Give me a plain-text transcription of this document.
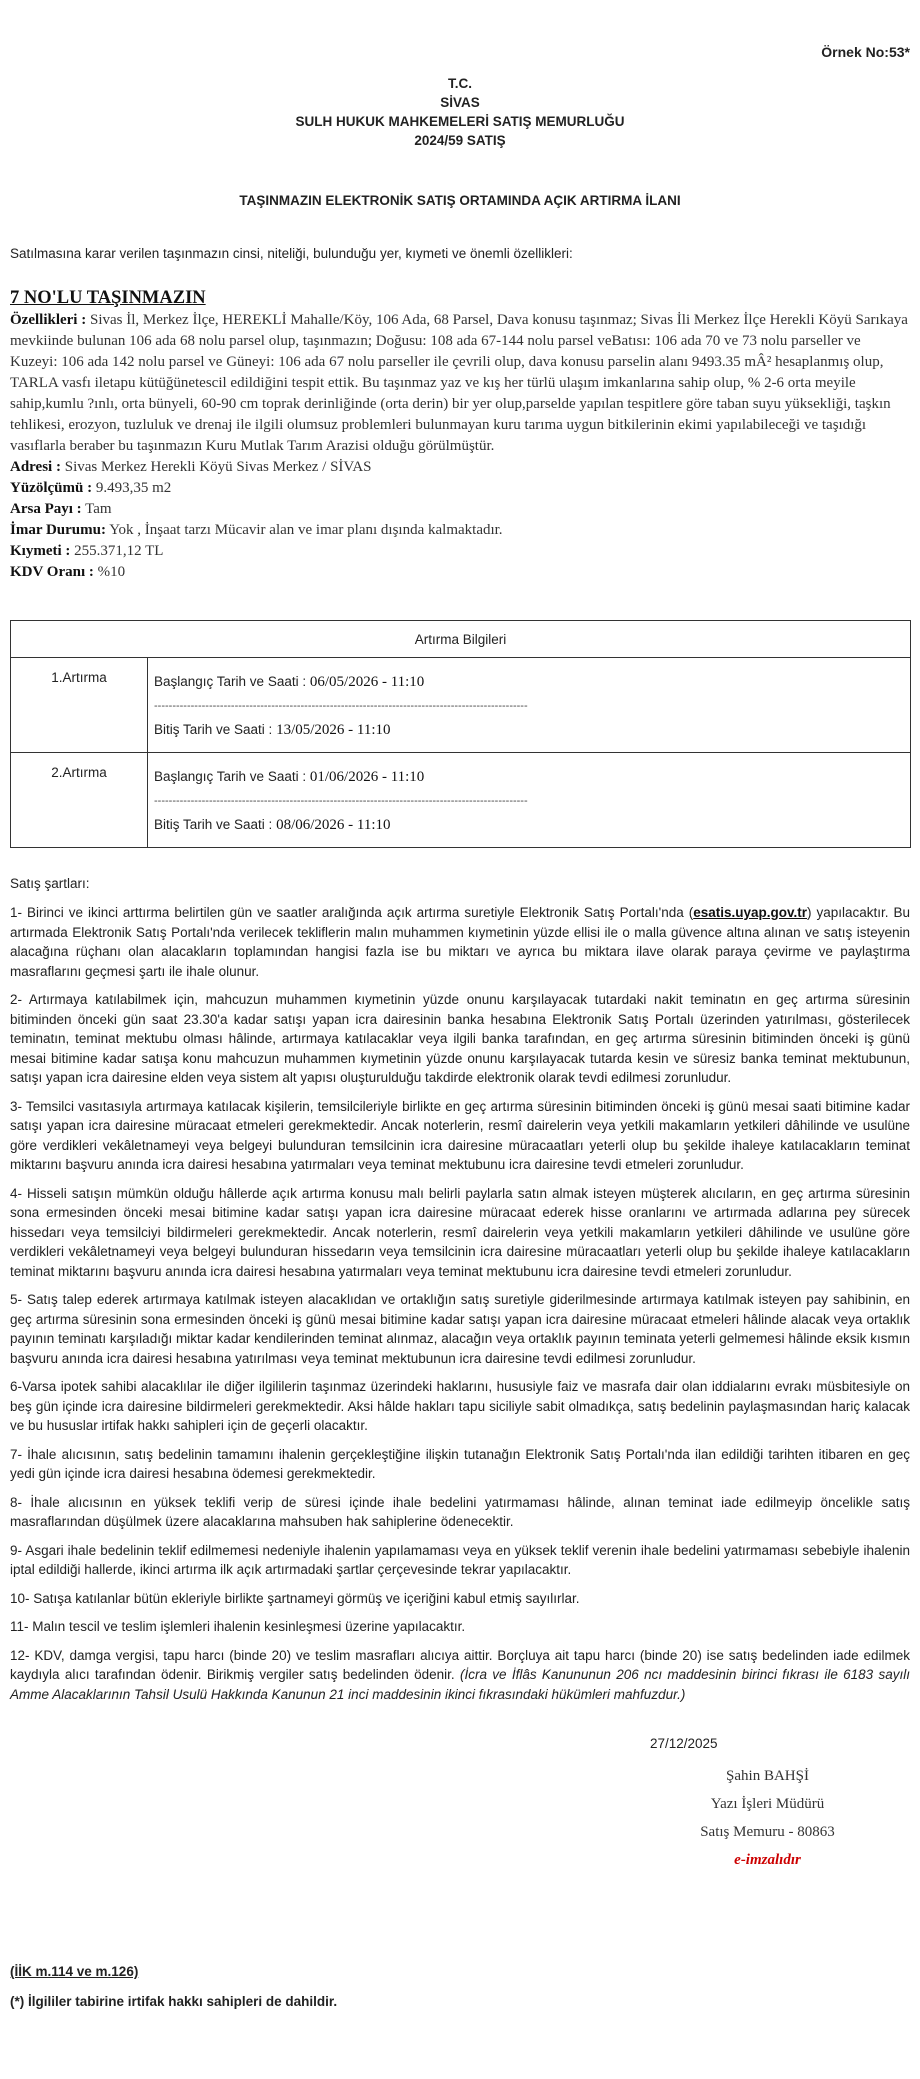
Örnek No:53*
T.C.
SİVAS
SULH HUKUK MAHKEMELERİ SATIŞ MEMURLUĞU
2024/59 SATIŞ
TAŞINMAZIN ELEKTRONİK SATIŞ ORTAMINDA AÇIK ARTIRMA İLANI
Satılmasına karar verilen taşınmazın cinsi, niteliği, bulunduğu yer, kıymeti ve önemli özellikleri:
7 NO'LU TAŞINMAZIN

Özellikleri : Sivas İl, Merkez İlçe, HEREKLİ Mahalle/Köy, 106 Ada, 68 Parsel, Dava konusu taşınmaz; Sivas İli Merkez İlçe Herekli Köyü Sarıkaya mevkiinde bulunan 106 ada 68 nolu parsel olup, taşınmazın; Doğusu: 108 ada 67-144 nolu parsel veBatısı: 106 ada 70 ve 73 nolu parseller ve Kuzeyi: 106 ada 142 nolu parsel ve Güneyi: 106 ada 67 nolu parseller ile çevrili olup, dava konusu parselin alanı 9493.35 mÂ² hesaplanmış olup, TARLA vasfı iletapu kütüğünetescil edildiğini tespit ettik. Bu taşınmaz yaz ve kış her türlü ulaşım imkanlarına sahip olup, % 2-6 orta meyile sahip,kumlu ?ınlı, orta bünyeli, 60-90 cm toprak derinliğinde (orta derin) bir yer olup,parselde yapılan tespitlere göre taban suyu yüksekliği, taşkın tehlikesi, erozyon, tuzluluk ve drenaj ile ilgili olumsuz problemleri bulunmayan kuru tarıma uygun bitkilerinin ekimi yapılabileceği ve taşıdığı vasıflarla beraber bu taşınmazın Kuru Mutlak Tarım Arazisi olduğu görülmüştür.

Adresi : Sivas Merkez Herekli Köyü Sivas Merkez / SİVAS

Yüzölçümü : 9.493,35 m2

Arsa Payı : Tam

İmar Durumu: Yok , İnşaat tarzı Mücavir alan ve imar planı dışında kalmaktadır.

Kıymeti : 255.371,12 TL

KDV Oranı : %10

Artırma Bilgileri	
1.Artırma	Başlangıç Tarih ve Saati : 06/05/2026 - 11:10
------------------------------------------------------------------------------------------------------
Bitiş Tarih ve Saati : 13/05/2026 - 11:10

2.Artırma	Başlangıç Tarih ve Saati : 01/06/2026 - 11:10
------------------------------------------------------------------------------------------------------
Bitiş Tarih ve Saati : 08/06/2026 - 11:10
Satış şartları:

1- Birinci ve ikinci arttırma belirtilen gün ve saatler aralığında açık artırma suretiyle Elektronik Satış Portalı'nda (esatis.uyap.gov.tr) yapılacaktır. Bu artırmada Elektronik Satış Portalı'nda verilecek tekliflerin malın muhammen kıymetinin yüzde ellisi ile o malla güvence altına alınan ve satış isteyenin alacağına rüçhanı olan alacakların toplamından hangisi fazla ise bu miktarı ve ayrıca bu miktara ilave olarak paraya çevirme ve paylaştırma masraflarını geçmesi şartı ile ihale olunur.

2- Artırmaya katılabilmek için, mahcuzun muhammen kıymetinin yüzde onunu karşılayacak tutardaki nakit teminatın en geç artırma süresinin bitiminden önceki gün saat 23.30'a kadar satışı yapan icra dairesinin banka hesabına Elektronik Satış Portalı üzerinden yatırılması, gösterilecek teminatın, teminat mektubu olması hâlinde, artırmaya katılacaklar veya ilgili banka tarafından, en geç artırma süresinin bitiminden önceki iş günü mesai bitimine kadar satışa konu mahcuzun muhammen kıymetinin yüzde onunu karşılayacak tutarda kesin ve süresiz banka teminat mektubunun, satışı yapan icra dairesine elden veya sistem alt yapısı oluşturulduğu takdirde elektronik olarak tevdi edilmesi zorunludur.

3- Temsilci vasıtasıyla artırmaya katılacak kişilerin, temsilcileriyle birlikte en geç artırma süresinin bitiminden önceki iş günü mesai saati bitimine kadar satışı yapan icra dairesine müracaat etmeleri gerekmektedir. Ancak noterlerin, resmî dairelerin veya yetkili makamların yetkileri dâhilinde ve usulüne göre verdikleri vekâletnameyi veya belgeyi bulunduran temsilcinin icra dairesine müracaatları yeterli olup bu şekilde ihaleye katılacakların teminat miktarını başvuru anında icra dairesi hesabına yatırmaları veya teminat mektubunu icra dairesine tevdi etmeleri zorunludur.

4- Hisseli satışın mümkün olduğu hâllerde açık artırma konusu malı belirli paylarla satın almak isteyen müşterek alıcıların, en geç artırma süresinin sona ermesinden önceki mesai bitimine kadar satışı yapan icra dairesine müracaat ederek hisse oranlarını ve artırmada adlarına pey sürecek hissedarı veya temsilciyi bildirmeleri gerekmektedir. Ancak noterlerin, resmî dairelerin veya yetkili makamların yetkileri dâhilinde ve usulüne göre verdikleri vekâletnameyi veya belgeyi bulunduran hissedarın veya temsilcinin icra dairesine müracaatları yeterli olup bu şekilde ihaleye katılacakların teminat miktarını başvuru anında icra dairesi hesabına yatırmaları veya teminat mektubunu icra dairesine tevdi etmeleri zorunludur.

5- Satış talep ederek artırmaya katılmak isteyen alacaklıdan ve ortaklığın satış suretiyle giderilmesinde artırmaya katılmak isteyen pay sahibinin, en geç artırma süresinin sona ermesinden önceki iş günü mesai bitimine kadar satışı yapan icra dairesine müracaat etmeleri hâlinde alacak veya ortaklık payının teminatı karşıladığı miktar kadar kendilerinden teminat alınmaz, alacağın veya ortaklık payının teminata yeterli gelmemesi hâlinde eksik kısmın başvuru anında icra dairesi hesabına yatırılması veya teminat mektubunun icra dairesine tevdi edilmesi zorunludur.

6-Varsa ipotek sahibi alacaklılar ile diğer ilgililerin taşınmaz üzerindeki haklarını, hususiyle faiz ve masrafa dair olan iddialarını evrakı müsbitesiyle on beş gün içinde icra dairesine bildirmeleri gerekmektedir. Aksi hâlde hakları tapu siciliyle sabit olmadıkça, satış bedelinin paylaşmasından hariç kalacak ve bu hususlar irtifak hakkı sahipleri için de geçerli olacaktır.

7- İhale alıcısının, satış bedelinin tamamını ihalenin gerçekleştiğine ilişkin tutanağın Elektronik Satış Portalı'nda ilan edildiği tarihten itibaren en geç yedi gün içinde icra dairesi hesabına ödemesi gerekmektedir.

8- İhale alıcısının en yüksek teklifi verip de süresi içinde ihale bedelini yatırmaması hâlinde, alınan teminat iade edilmeyip öncelikle satış masraflarından düşülmek üzere alacaklarına mahsuben hak sahiplerine ödenecektir.

9- Asgari ihale bedelinin teklif edilmemesi nedeniyle ihalenin yapılamaması veya en yüksek teklif verenin ihale bedelini yatırmaması sebebiyle ihalenin iptal edildiği hallerde, ikinci artırma ilk açık artırmadaki şartlar çerçevesinde tekrar yapılacaktır.

10- Satışa katılanlar bütün ekleriyle birlikte şartnameyi görmüş ve içeriğini kabul etmiş sayılırlar.

11- Malın tescil ve teslim işlemleri ihalenin kesinleşmesi üzerine yapılacaktır.

12- KDV, damga vergisi, tapu harcı (binde 20) ve teslim masrafları alıcıya aittir. Borçluya ait tapu harcı (binde 20) ise satış bedelinden iade edilmek kaydıyla alıcı tarafından ödenir. Birikmiş vergiler satış bedelinden ödenir. (İcra ve İflâs Kanununun 206 ncı maddesinin birinci fıkrası ile 6183 sayılı Amme Alacaklarının Tahsil Usulü Hakkında Kanunun 21 inci maddesinin ikinci fıkrasındaki hükümleri mahfuzdur.)

27/12/2025
Şahin BAHŞİ
Yazı İşleri Müdürü
Satış Memuru - 80863
e-imzalıdır
(İİK m.114 ve m.126)
(*) İlgililer tabirine irtifak hakkı sahipleri de dahildir.
